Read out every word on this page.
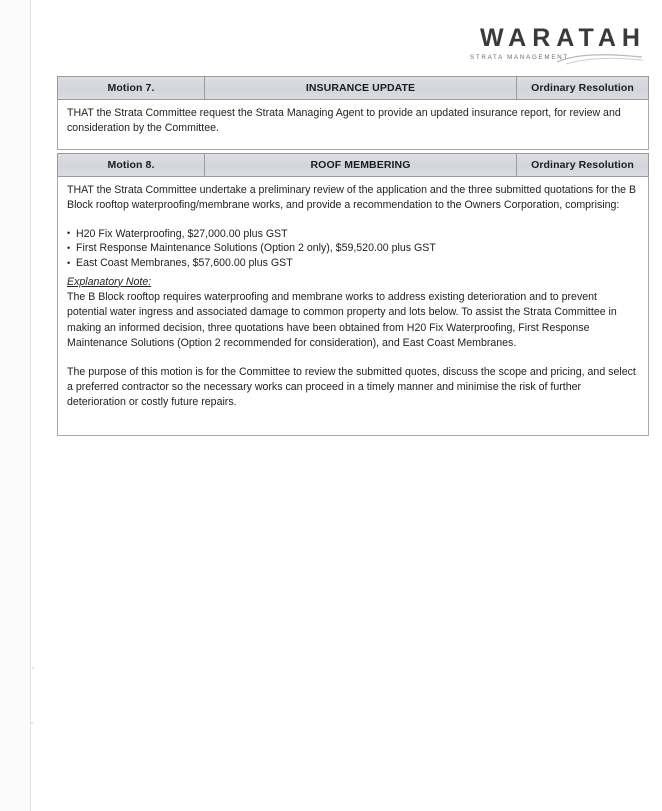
WARATAH
STRATA MANAGEMENT
Motion 7.	INSURANCE UPDATE	Ordinary Resolution

THAT the Strata Committee request the Strata Managing Agent to provide an updated insurance report, for review and consideration by the Committee.

Motion 8.	ROOF MEMBERING	Ordinary Resolution

THAT the Strata Committee undertake a preliminary review of the application and the three submitted quotations for the B Block rooftop waterproofing/membrane works, and provide a recommendation to the Owners Corporation, comprising:

• H20 Fix Waterproofing, $27,000.00 plus GST
• First Response Maintenance Solutions (Option 2 only), $59,520.00 plus GST
• East Coast Membranes, $57,600.00 plus GST
Explanatory Note:

The B Block rooftop requires waterproofing and membrane works to address existing deterioration and to prevent potential water ingress and associated damage to common property and lots below. To assist the Strata Committee in making an informed decision, three quotations have been obtained from H20 Fix Waterproofing, First Response Maintenance Solutions (Option 2 recommended for consideration), and East Coast Membranes.

The purpose of this motion is for the Committee to review the submitted quotes, discuss the scope and pricing, and select a preferred contractor so the necessary works can proceed in a timely manner and minimise the risk of further deterioration or costly future repairs.
